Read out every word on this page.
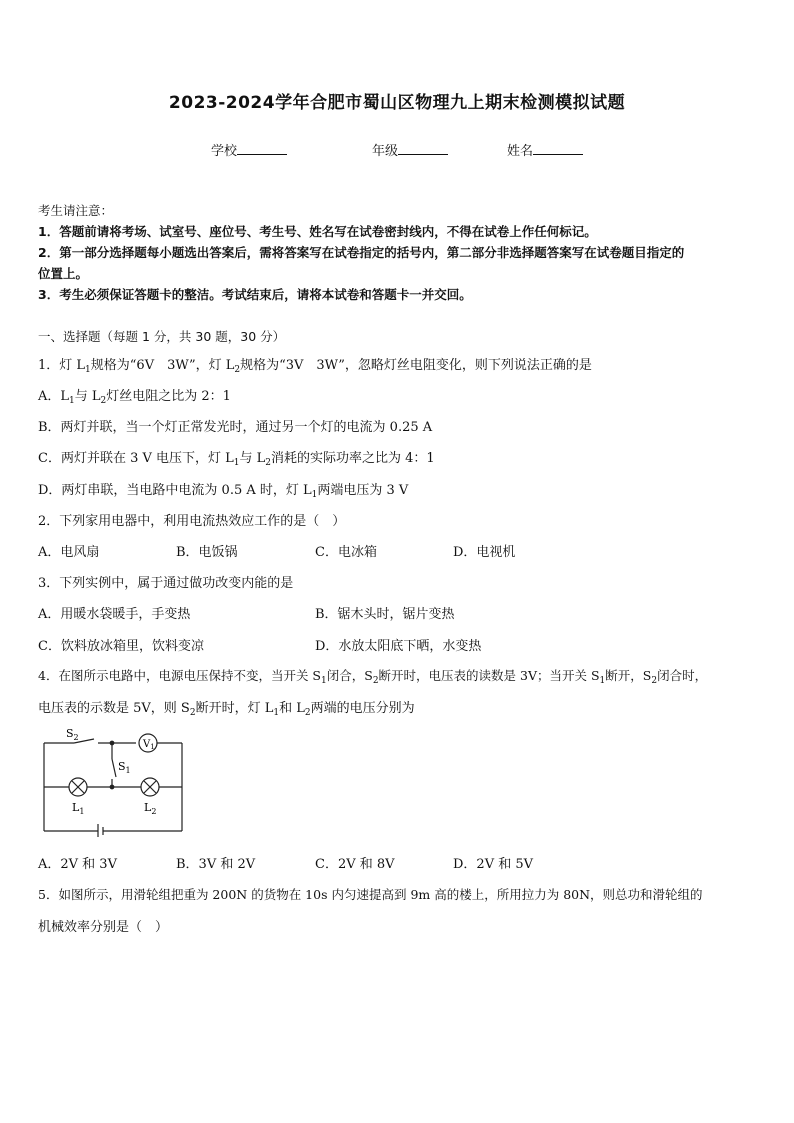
2023-2024学年合肥市蜀山区物理九上期末检测模拟试题
学校	年级	姓名
考生请注意：
1．答题前请将考场、试室号、座位号、考生号、姓名写在试卷密封线内，不得在试卷上作任何标记。
2．第一部分选择题每小题选出答案后，需将答案写在试卷指定的括号内，第二部分非选择题答案写在试卷题目指定的
位置上。
3．考生必须保证答题卡的整洁。考试结束后，请将本试卷和答题卡一并交回。
一、选择题（每题 1 分，共 30 题，30 分）
1．灯 $L_1$规格为“6V　3W”，灯 $L_2$规格为“3V　3W”，忽略灯丝电阻变化，则下列说法正确的是
A．$L_1$与 $L_2$灯丝电阻之比为 2：1
B．两灯并联，当一个灯正常发光时，通过另一个灯的电流为 0.25 A
C．两灯并联在 3 V 电压下，灯 $L_1$与 $L_2$消耗的实际功率之比为 4：1
D．两灯串联，当电路中电流为 0.5 A 时，灯 $L_1$两端电压为 3 V
2．下列家用电器中，利用电流热效应工作的是（　）
A．电风扇	B．电饭锅	C．电冰箱	D．电视机
3．下列实例中，属于通过做功改变内能的是
A．用暖水袋暖手，手变热	B．锯木头时，锯片变热
C．饮料放冰箱里，饮料变凉	D．水放太阳底下晒，水变热
4．在图所示电路中，电源电压保持不变，当开关 $S_1$闭合，$S_2$断开时，电压表的读数是 3V；当开关 $S_1$断开，$S_2$闭合时，
电压表的示数是 5V，则 $S_2$断开时，灯 $L_1$和 $L_2$两端的电压分别为
$S_2$
$V_1$
$S_1$
$L_1$	$L_2$
A．2V 和 3V	B．3V 和 2V	C．2V 和 8V	D．2V 和 5V
5．如图所示，用滑轮组把重为 200N 的货物在 10s 内匀速提高到 9m 高的楼上，所用拉力为 80N，则总功和滑轮组的
机械效率分别是（　）
